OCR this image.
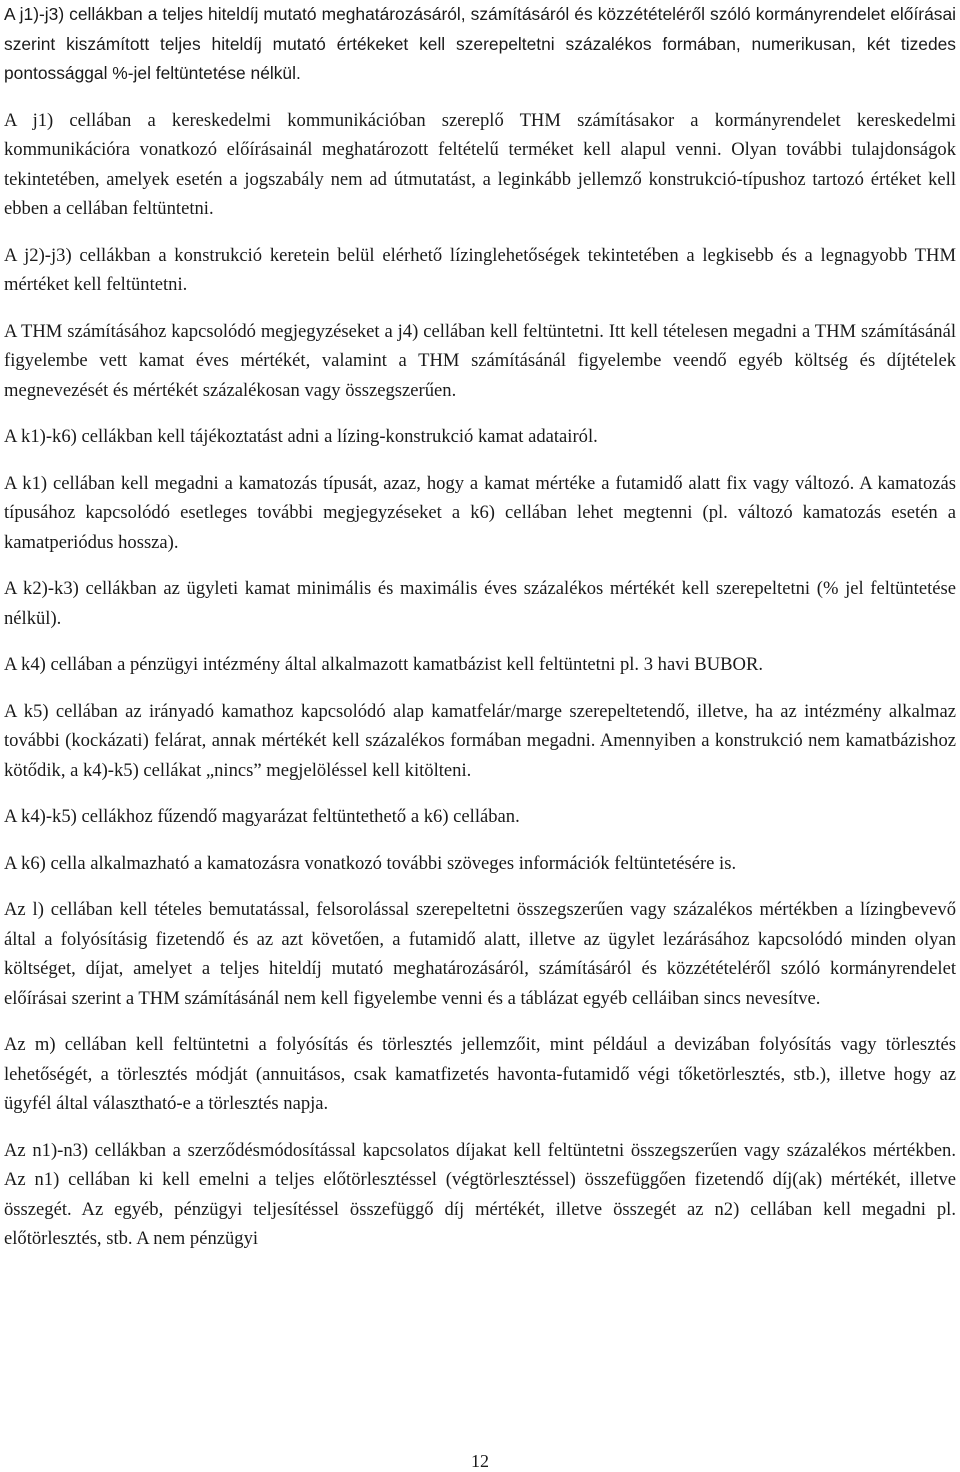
A j1)-j3) cellákban a teljes hiteldíj mutató meghatározásáról, számításáról és közzétételéről szóló kormányrendelet előírásai szerint kiszámított teljes hiteldíj mutató értékeket kell szerepeltetni százalékos formában, numerikusan, két tizedes pontossággal %-jel feltüntetése nélkül.

A j1) cellában a kereskedelmi kommunikációban szereplő THM számításakor a kormányrendelet kereskedelmi kommunikációra vonatkozó előírásainál meghatározott feltételű terméket kell alapul venni. Olyan további tulajdonságok tekintetében, amelyek esetén a jogszabály nem ad útmutatást, a leginkább jellemző konstrukció-típushoz tartozó értéket kell ebben a cellában feltüntetni.

A j2)-j3) cellákban a konstrukció keretein belül elérhető lízinglehetőségek tekintetében a legkisebb és a legnagyobb THM mértéket kell feltüntetni.

A THM számításához kapcsolódó megjegyzéseket a j4) cellában kell feltüntetni. Itt kell tételesen megadni a THM számításánál figyelembe vett kamat éves mértékét, valamint a THM számításánál figyelembe veendő egyéb költség és díjtételek megnevezését és mértékét százalékosan vagy összegszerűen.

A k1)-k6) cellákban kell tájékoztatást adni a lízing-konstrukció kamat adatairól.

A k1) cellában kell megadni a kamatozás típusát, azaz, hogy a kamat mértéke a futamidő alatt fix vagy változó. A kamatozás típusához kapcsolódó esetleges további megjegyzéseket a k6) cellában lehet megtenni (pl. változó kamatozás esetén a kamatperiódus hossza).

A k2)-k3) cellákban az ügyleti kamat minimális és maximális éves százalékos mértékét kell szerepeltetni (% jel feltüntetése nélkül).

A k4) cellában a pénzügyi intézmény által alkalmazott kamatbázist kell feltüntetni pl. 3 havi BUBOR.

A k5) cellában az irányadó kamathoz kapcsolódó alap kamatfelár/marge szerepeltetendő, illetve, ha az intézmény alkalmaz további (kockázati) felárat, annak mértékét kell százalékos formában megadni. Amennyiben a konstrukció nem kamatbázishoz kötődik, a k4)-k5) cellákat „nincs” megjelöléssel kell kitölteni.

A k4)-k5) cellákhoz fűzendő magyarázat feltüntethető a k6) cellában.

A k6) cella alkalmazható a kamatozásra vonatkozó további szöveges információk feltüntetésére is.

Az l) cellában kell tételes bemutatással, felsorolással szerepeltetni összegszerűen vagy százalékos mértékben a lízingbevevő által a folyósításig fizetendő és az azt követően, a futamidő alatt, illetve az ügylet lezárásához kapcsolódó minden olyan költséget, díjat, amelyet a teljes hiteldíj mutató meghatározásáról, számításáról és közzétételéről szóló kormányrendelet előírásai szerint a THM számításánál nem kell figyelembe venni és a táblázat egyéb celláiban sincs nevesítve.

Az m) cellában kell feltüntetni a folyósítás és törlesztés jellemzőit, mint például a devizában folyósítás vagy törlesztés lehetőségét, a törlesztés módját (annuitásos, csak kamatfizetés havonta-futamidő végi tőketörlesztés, stb.), illetve hogy az ügyfél által választható-e a törlesztés napja.

Az n1)-n3) cellákban a szerződésmódosítással kapcsolatos díjakat kell feltüntetni összegszerűen vagy százalékos mértékben. Az n1) cellában ki kell emelni a teljes előtörlesztéssel (végtörlesztéssel) összefüggően fizetendő díj(ak) mértékét, illetve összegét. Az egyéb, pénzügyi teljesítéssel összefüggő díj mértékét, illetve összegét az n2) cellában kell megadni pl. előtörlesztés, stb. A nem pénzügyi

12
